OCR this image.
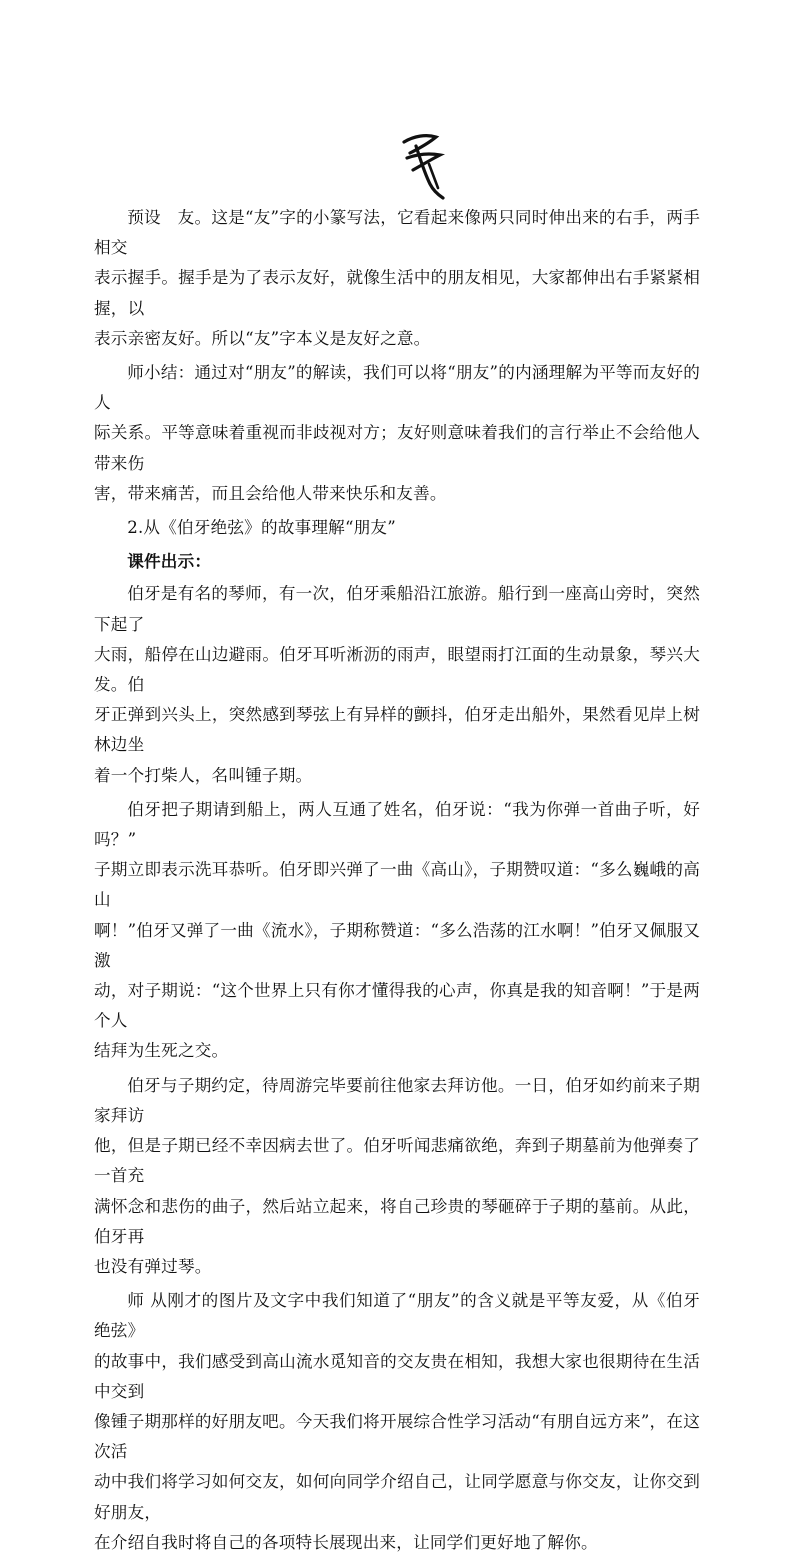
预设　友。这是“友”字的小篆写法，它看起来像两只同时伸出来的右手，两手相交
表示握手。握手是为了表示友好，就像生活中的朋友相见，大家都伸出右手紧紧相握，以
表示亲密友好。所以“友”字本义是友好之意。

师小结：通过对“朋友”的解读，我们可以将“朋友”的内涵理解为平等而友好的人
际关系。平等意味着重视而非歧视对方；友好则意味着我们的言行举止不会给他人带来伤
害，带来痛苦，而且会给他人带来快乐和友善。

2.从《伯牙绝弦》的故事理解“朋友”

课件出示：

伯牙是有名的琴师，有一次，伯牙乘船沿江旅游。船行到一座高山旁时，突然下起了
大雨，船停在山边避雨。伯牙耳听淅沥的雨声，眼望雨打江面的生动景象，琴兴大发。伯
牙正弹到兴头上，突然感到琴弦上有异样的颤抖，伯牙走出船外，果然看见岸上树林边坐
着一个打柴人，名叫锺子期。

伯牙把子期请到船上，两人互通了姓名，伯牙说：“我为你弹一首曲子听，好吗？”
子期立即表示洗耳恭听。伯牙即兴弹了一曲《高山》，子期赞叹道：“多么巍峨的高山
啊！”伯牙又弹了一曲《流水》，子期称赞道：“多么浩荡的江水啊！”伯牙又佩服又激
动，对子期说：“这个世界上只有你才懂得我的心声，你真是我的知音啊！”于是两个人
结拜为生死之交。

伯牙与子期约定，待周游完毕要前往他家去拜访他。一日，伯牙如约前来子期家拜访
他，但是子期已经不幸因病去世了。伯牙听闻悲痛欲绝，奔到子期墓前为他弹奏了一首充
满怀念和悲伤的曲子，然后站立起来，将自己珍贵的琴砸碎于子期的墓前。从此，伯牙再
也没有弹过琴。

师 从刚才的图片及文字中我们知道了“朋友”的含义就是平等友爱，从《伯牙绝弦》
的故事中，我们感受到高山流水觅知音的交友贵在相知，我想大家也很期待在生活中交到
像锺子期那样的好朋友吧。今天我们将开展综合性学习活动“有朋自远方来”，在这次活
动中我们将学习如何交友，如何向同学介绍自己，让同学愿意与你交友，让你交到好朋友，
在介绍自我时将自己的各项特长展现出来，让同学们更好地了解你。
